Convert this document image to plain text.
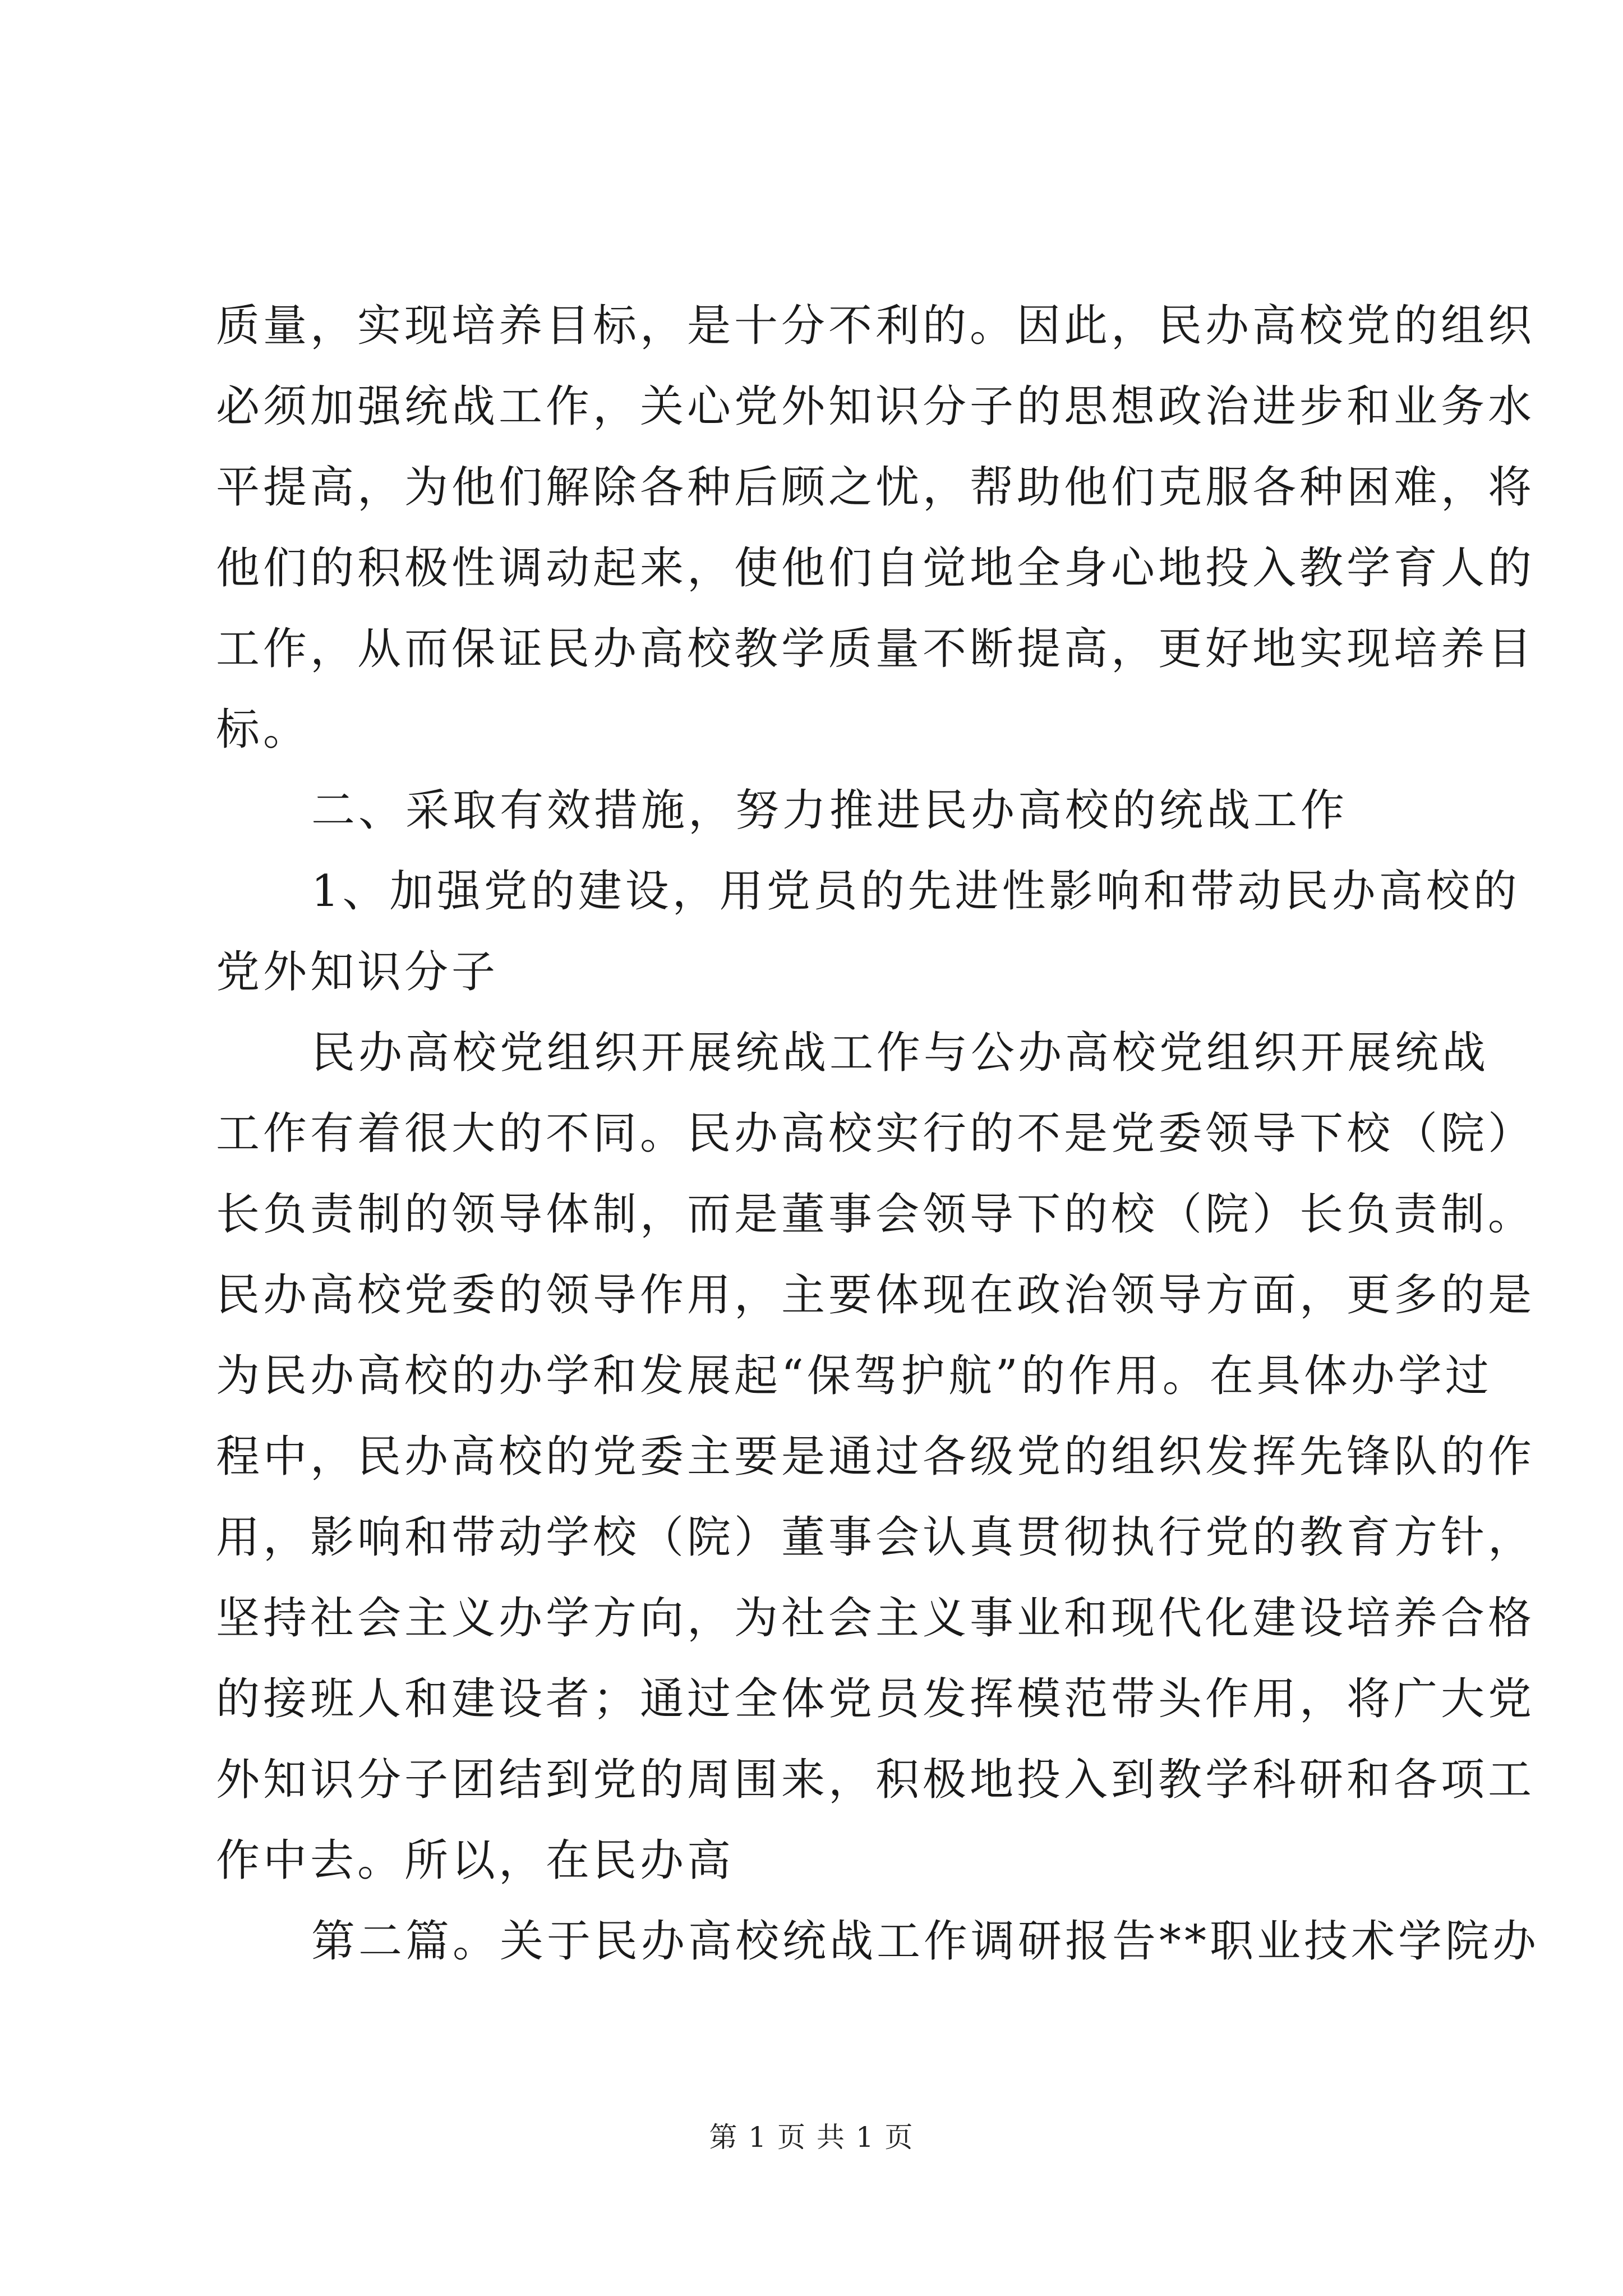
质量，实现培养目标，是十分不利的。因此，民办高校党的组织
必须加强统战工作，关心党外知识分子的思想政治进步和业务水
平提高，为他们解除各种后顾之忧，帮助他们克服各种困难，将
他们的积极性调动起来，使他们自觉地全身心地投入教学育人的
工作，从而保证民办高校教学质量不断提高，更好地实现培养目
标。
二、采取有效措施，努力推进民办高校的统战工作
1、加强党的建设，用党员的先进性影响和带动民办高校的
党外知识分子
民办高校党组织开展统战工作与公办高校党组织开展统战
工作有着很大的不同。民办高校实行的不是党委领导下校（院）
长负责制的领导体制，而是董事会领导下的校（院）长负责制。
民办高校党委的领导作用，主要体现在政治领导方面，更多的是
为民办高校的办学和发展起“保驾护航”的作用。在具体办学过
程中，民办高校的党委主要是通过各级党的组织发挥先锋队的作
用，影响和带动学校（院）董事会认真贯彻执行党的教育方针，
坚持社会主义办学方向，为社会主义事业和现代化建设培养合格
的接班人和建设者；通过全体党员发挥模范带头作用，将广大党
外知识分子团结到党的周围来，积极地投入到教学科研和各项工
作中去。所以，在民办高
第二篇。关于民办高校统战工作调研报告**职业技术学院办
第 1 页 共 1 页
